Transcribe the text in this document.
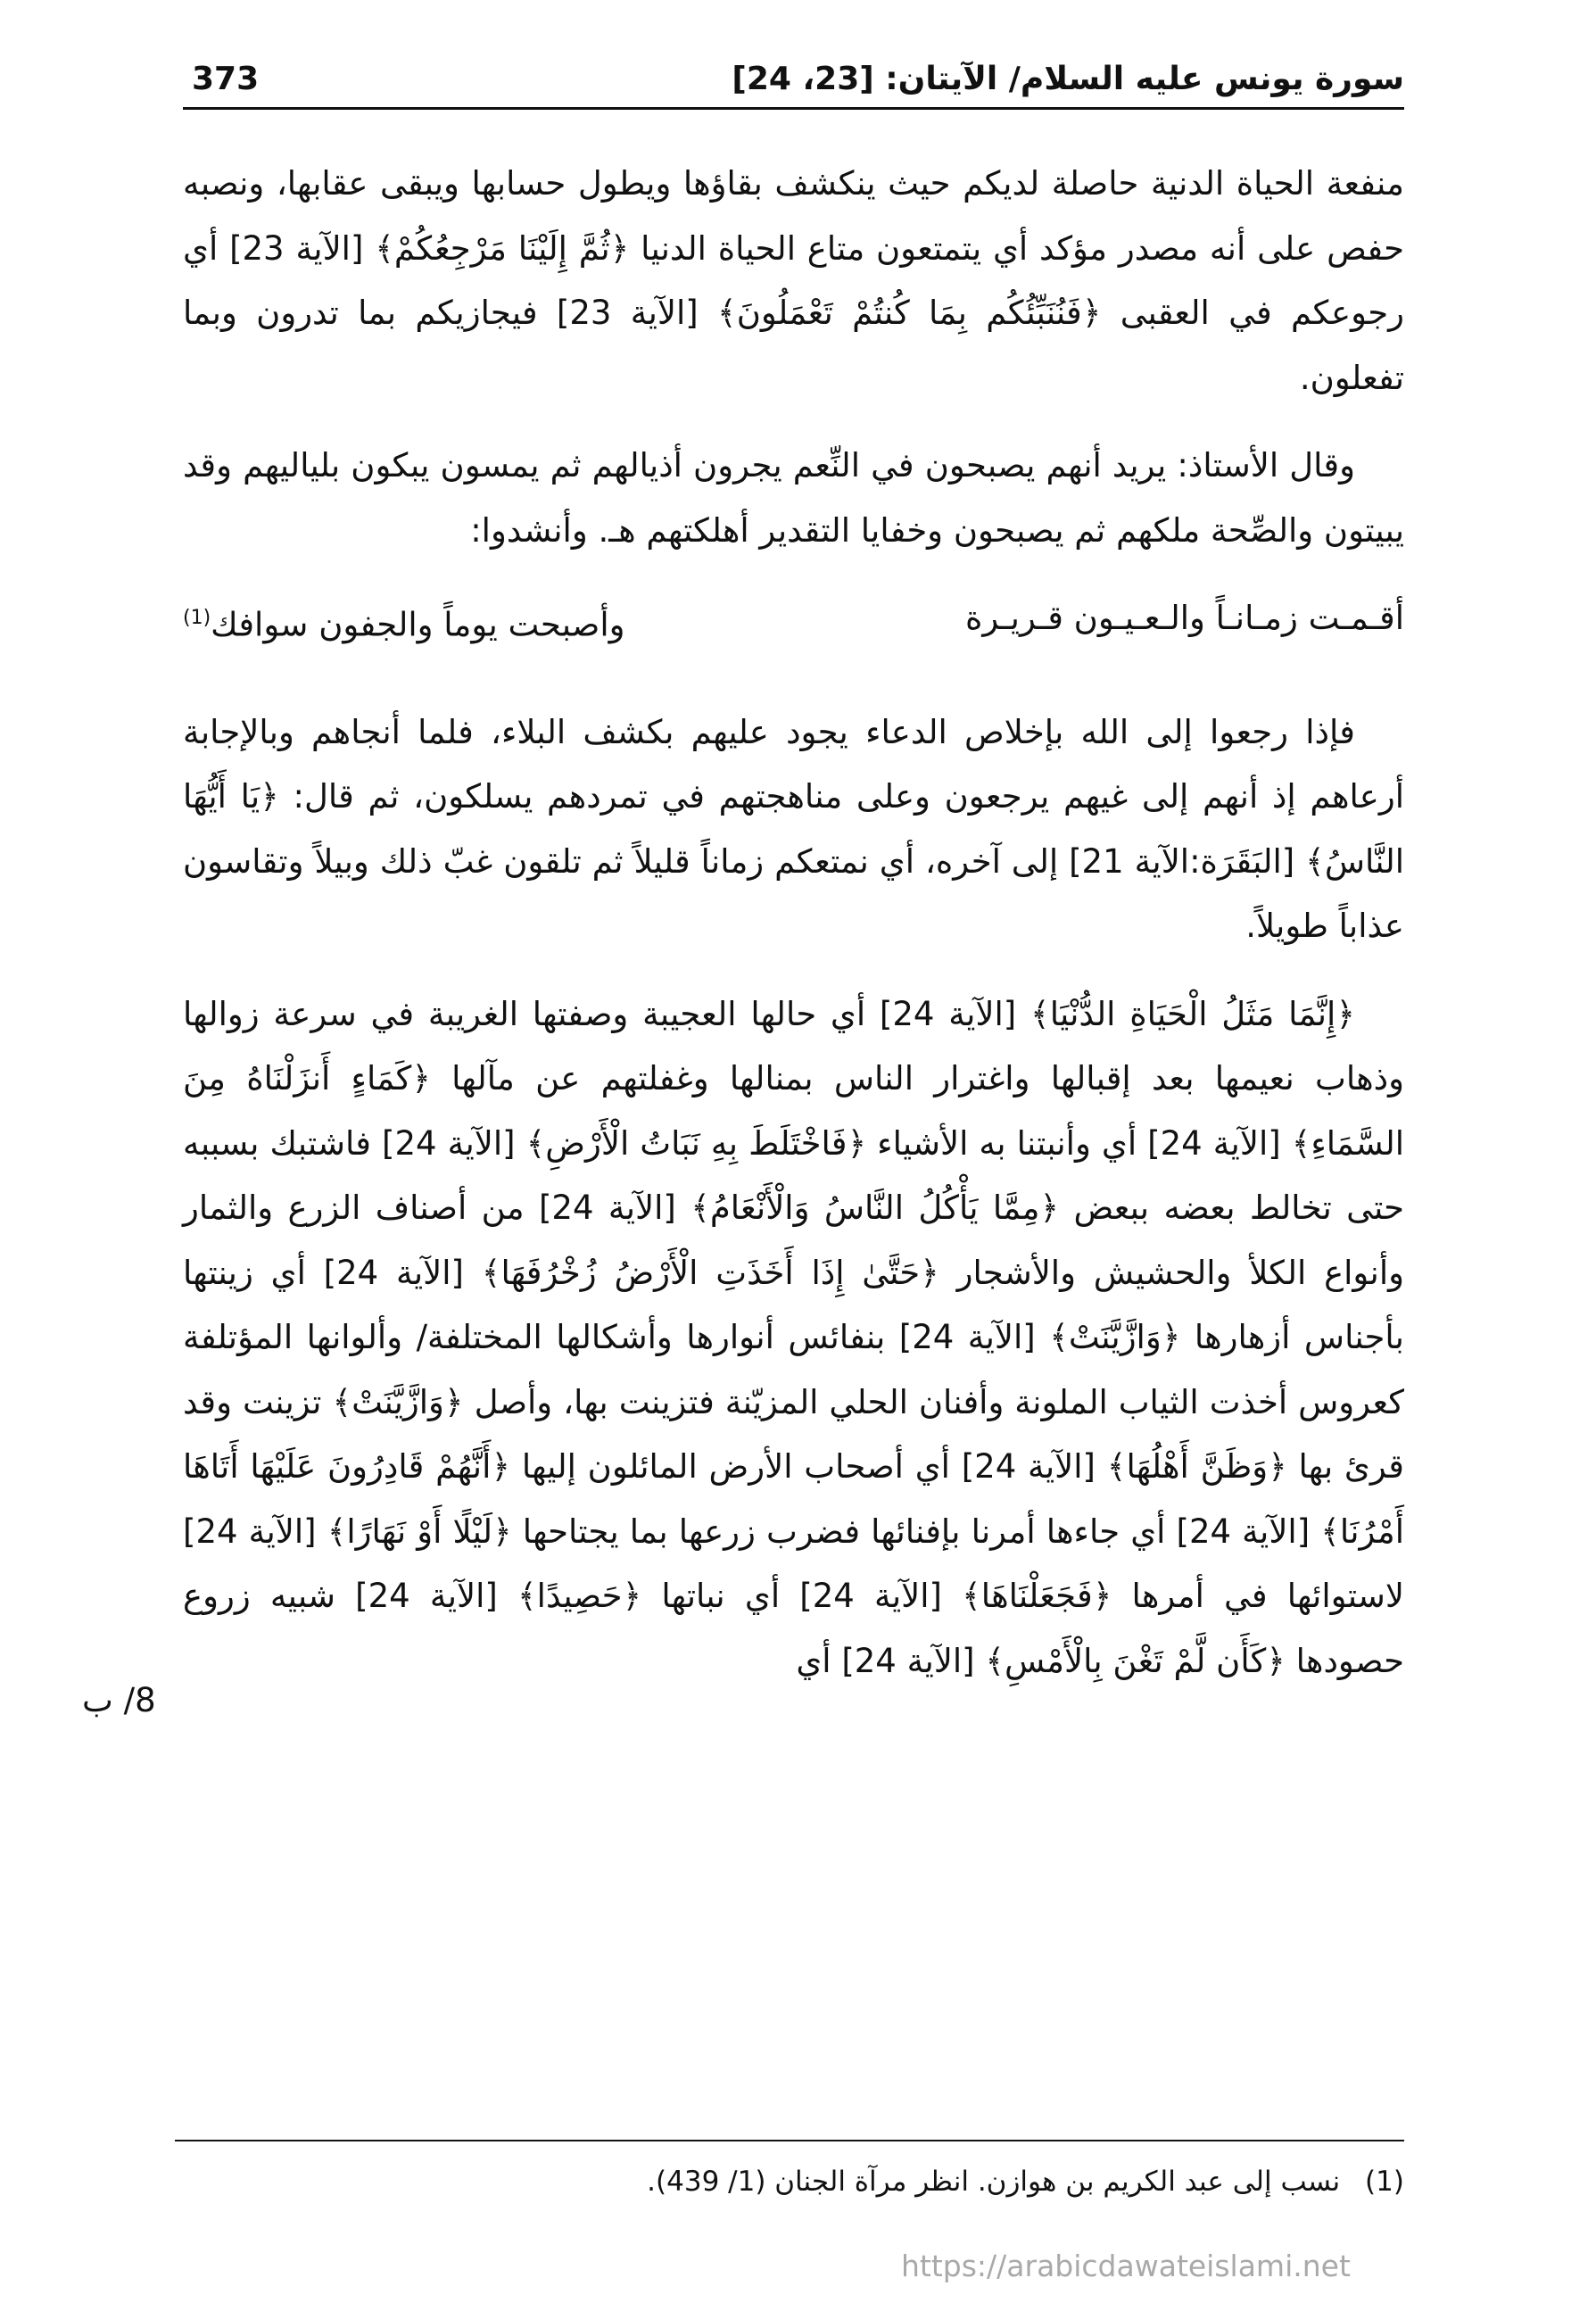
سورة يونس عليه السلام/ الآيتان: [23، 24]
373

منفعة الحياة الدنية حاصلة لديكم حيث ينكشف بقاؤها ويطول حسابها ويبقى عقابها، ونصبه حفص على أنه مصدر مؤكد أي يتمتعون متاع الحياة الدنيا ﴿ثُمَّ إِلَيْنَا مَرْجِعُكُمْ﴾ [الآية 23] أي رجوعكم في العقبى ﴿فَنُنَبِّئُكُم بِمَا كُنتُمْ تَعْمَلُونَ﴾ [الآية 23] فيجازيكم بما تدرون وبما تفعلون.

وقال الأستاذ: يريد أنهم يصبحون في النِّعم يجرون أذيالهم ثم يمسون يبكون بلياليهم وقد يبيتون والصِّحة ملكهم ثم يصبحون وخفايا التقدير أهلكتهم هـ. وأنشدوا:

أقـمـت زمـانـاً والـعـيـون قـريـرة
وأصبحت يوماً والجفون سوافك(1)

فإذا رجعوا إلى الله بإخلاص الدعاء يجود عليهم بكشف البلاء، فلما أنجاهم وبالإجابة أرعاهم إذ أنهم إلى غيهم يرجعون وعلى مناهجتهم في تمردهم يسلكون، ثم قال: ﴿يَا أَيُّهَا النَّاسُ﴾ [البَقَرَة:الآية 21] إلى آخره، أي نمتعكم زماناً قليلاً ثم تلقون غبّ ذلك وبيلاً وتقاسون عذاباً طويلاً.

﴿إِنَّمَا مَثَلُ الْحَيَاةِ الدُّنْيَا﴾ [الآية 24] أي حالها العجيبة وصفتها الغريبة في سرعة زوالها وذهاب نعيمها بعد إقبالها واغترار الناس بمنالها وغفلتهم عن مآلها ﴿كَمَاءٍ أَنزَلْنَاهُ مِنَ السَّمَاءِ﴾ [الآية 24] أي وأنبتنا به الأشياء ﴿فَاخْتَلَطَ بِهِ نَبَاتُ الْأَرْضِ﴾ [الآية 24] فاشتبك بسببه حتى تخالط بعضه ببعض ﴿مِمَّا يَأْكُلُ النَّاسُ وَالْأَنْعَامُ﴾ [الآية 24] من أصناف الزرع والثمار وأنواع الكلأ والحشيش والأشجار ﴿حَتَّىٰ إِذَا أَخَذَتِ الْأَرْضُ زُخْرُفَهَا﴾ [الآية 24] أي زينتها بأجناس أزهارها ﴿وَازَّيَّنَتْ﴾ [الآية 24] بنفائس أنوارها وأشكالها المختلفة/ وألوانها المؤتلفة كعروس أخذت الثياب الملونة وأفنان الحلي المزيّنة فتزينت بها، وأصل ﴿وَازَّيَّنَتْ﴾ تزينت وقد قرئ بها ﴿وَظَنَّ أَهْلُهَا﴾ [الآية 24] أي أصحاب الأرض المائلون إليها ﴿أَنَّهُمْ قَادِرُونَ عَلَيْهَا أَتَاهَا أَمْرُنَا﴾ [الآية 24] أي جاءها أمرنا بإفنائها فضرب زرعها بما يجتاحها ﴿لَيْلًا أَوْ نَهَارًا﴾ [الآية 24] لاستوائها في أمرها ﴿فَجَعَلْنَاهَا﴾ [الآية 24] أي نباتها ﴿حَصِيدًا﴾ [الآية 24] شبيه زروع حصودها ﴿كَأَن لَّمْ تَغْنَ بِالْأَمْسِ﴾ [الآية 24] أي

8/ ب
(1) نسب إلى عبد الكريم بن هوازن. انظر مرآة الجنان (1/ 439).
https://arabicdawateislami.net
